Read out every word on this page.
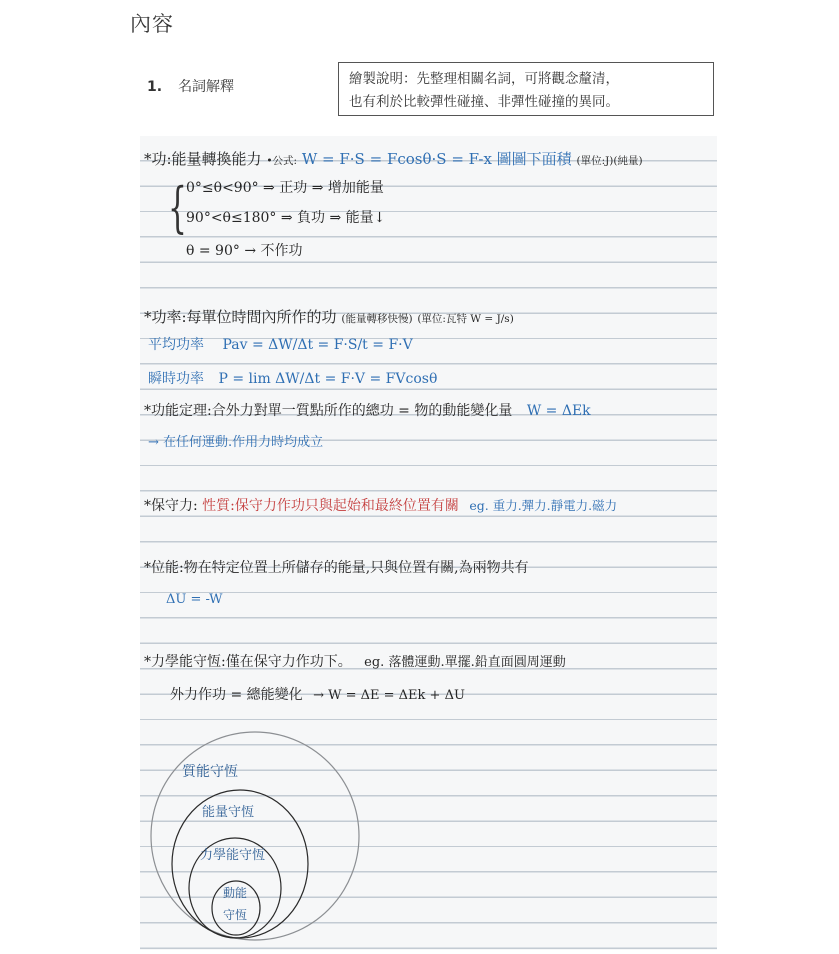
內容
1. 名詞解釋	繪製說明：先整理相關名詞，可將觀念釐清，
也有利於比較彈性碰撞、非彈性碰撞的異同。
*功:能量轉換能力 •公式: W = F·S = Fcosθ·S = F-x 圖圖下面積 (單位:J)(純量)
{ 0°≤θ<90° ⇒ 正功 ⇒ 增加能量
90°<θ≤180° ⇒ 負功 ⇒ 能量↓
θ = 90° → 不作功
*功率:每單位時間內所作的功 (能量轉移快慢) (單位:瓦特 W = J/s)
平均功率 Pav = ΔW/Δt = F·S/t = F·V
瞬時功率 P = lim ΔW/Δt = F·V = FVcosθ
*功能定理:合外力對單一質點所作的總功 = 物的動能變化量 W = ΔEk
→ 在任何運動.作用力時均成立
*保守力: 性質:保守力作功只與起始和最終位置有關 eg. 重力.彈力.靜電力.磁力
*位能:物在特定位置上所儲存的能量,只與位置有關,為兩物共有
ΔU = -W
*力學能守恆:僅在保守力作功下。 eg. 落體運動.單擺.鉛直面圓周運動
外力作功 = 總能變化 → W = ΔE = ΔEk + ΔU
質能守恆
能量守恆
力學能守恆
動能
守恆
